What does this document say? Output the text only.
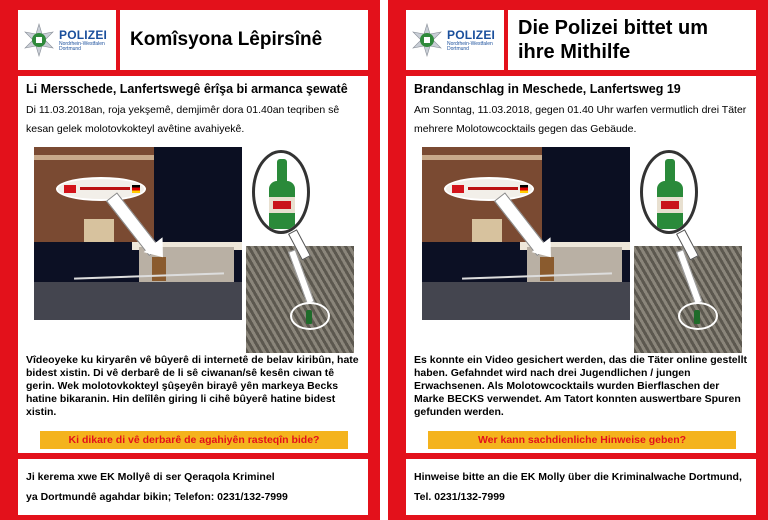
POLIZEI
Nordrhein-Westfalen
Dortmund	Komîsyona Lêpirsînê
Li Mersschede, Lanfertswegê êrîşa bi armanca şewatê
Di 11.03.2018an, roja yekşemê, demjimêr dora 01.40an teqriben sê kesan gelek molotovkokteyl avêtine avahiyekê.
Vîdeoyeke ku kiryarên vê bûyerê di internetê de belav kiribûn, hate bidest xistin. Di vê derbarê de li sê ciwanan/sê kesên ciwan tê gerin. Wek molotovkokteyl şûşeyên birayê yên markeya Becks hatine bikaranin. Hin delîlên giring li cihê bûyerê hatine bidest xistin.
Ki dikare di vê derbarê de agahiyên rasteqîn bide?
Ji kerema xwe EK Mollyê di ser Qeraqola Kriminel
ya Dortmundê agahdar bikin; Telefon: 0231/132-7999
POLIZEI
Nordrhein-Westfalen
Dortmund
Die Polizei bittet um
ihre Mithilfe
Brandanschlag in Meschede, Lanfertsweg 19
Am Sonntag, 11.03.2018, gegen 01.40 Uhr warfen vermutlich drei Täter mehrere Molotowcocktails gegen das Gebäude.
Es konnte ein Video gesichert werden, das die Täter online gestellt haben. Gefahndet wird nach drei Jugendlichen / jungen Erwachsenen. Als Molotowcocktails wurden Bierflaschen der Marke BECKS verwendet. Am Tatort konnten auswertbare Spuren gefunden werden.
Wer kann sachdienliche Hinweise geben?
Hinweise bitte an die EK Molly über die Kriminalwache Dortmund,
Tel. 0231/132-7999
